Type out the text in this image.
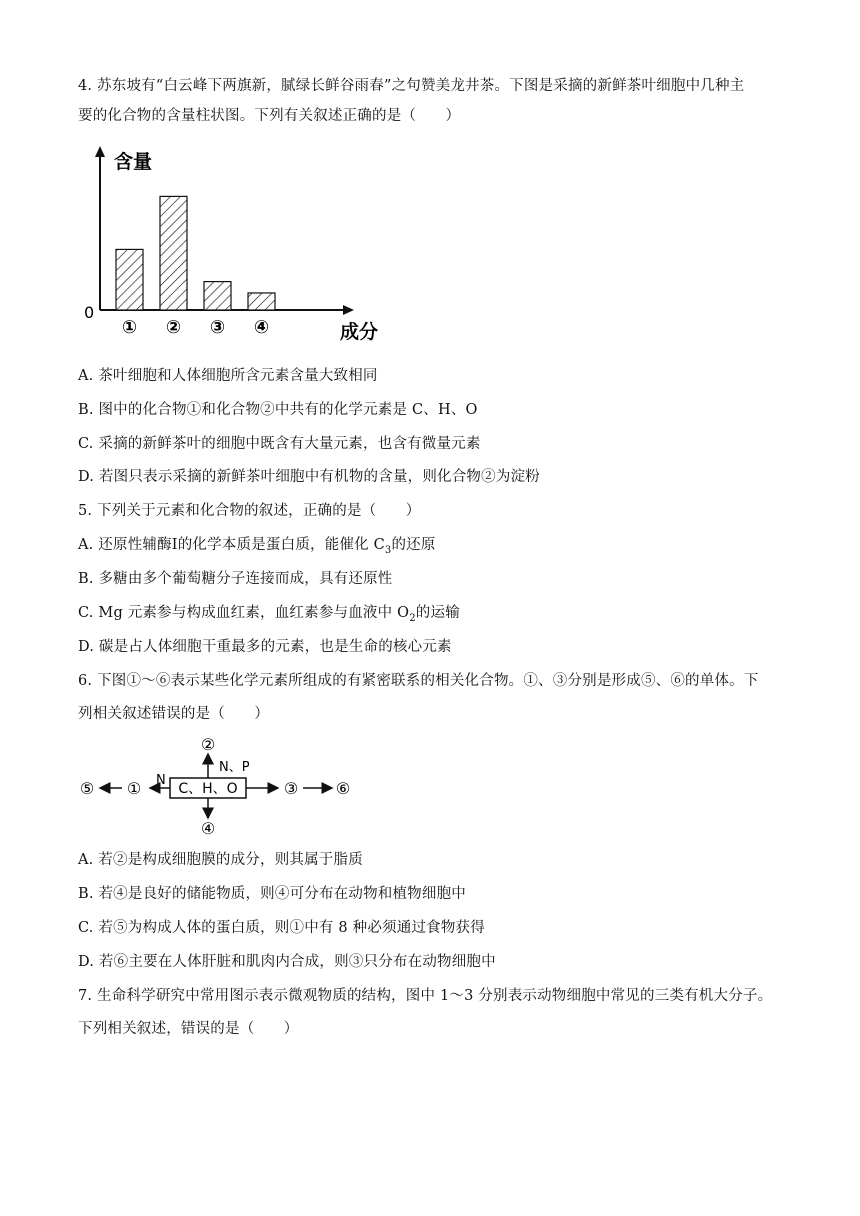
4. 苏东坡有“白云峰下两旗新，腻绿长鲜谷雨春”之句赞美龙井茶。下图是采摘的新鲜茶叶细胞中几种主
要的化合物的含量柱状图。下列有关叙述正确的是（　　）
含量
成分
0
① ② ③ ④
A. 茶叶细胞和人体细胞所含元素含量大致相同
B. 图中的化合物①和化合物②中共有的化学元素是 C、H、O
C. 采摘的新鲜茶叶的细胞中既含有大量元素，也含有微量元素
D. 若图只表示采摘的新鲜茶叶细胞中有机物的含量，则化合物②为淀粉
5. 下列关于元素和化合物的叙述，正确的是（　　）
A. 还原性辅酶Ⅰ的化学本质是蛋白质，能催化 $C_3$的还原
B. 多糖由多个葡萄糖分子连接而成，具有还原性
C. Mg 元素参与构成血红素，血红素参与血液中 $O_2$的运输
D. 碳是占人体细胞干重最多的元素，也是生命的核心元素
6. 下图①～⑥表示某些化学元素所组成的有紧密联系的相关化合物。①、③分别是形成⑤、⑥的单体。下
列相关叙述错误的是（　　）
C、H、O
②
N、P
④
N
①
⑤	③ ⑥
A. 若②是构成细胞膜的成分，则其属于脂质
B. 若④是良好的储能物质，则④可分布在动物和植物细胞中
C. 若⑤为构成人体的蛋白质，则①中有 8 种必须通过食物获得
D. 若⑥主要在人体肝脏和肌肉内合成，则③只分布在动物细胞中
7. 生命科学研究中常用图示表示微观物质的结构，图中 1～3 分别表示动物细胞中常见的三类有机大分子。
下列相关叙述，错误的是（　　）
